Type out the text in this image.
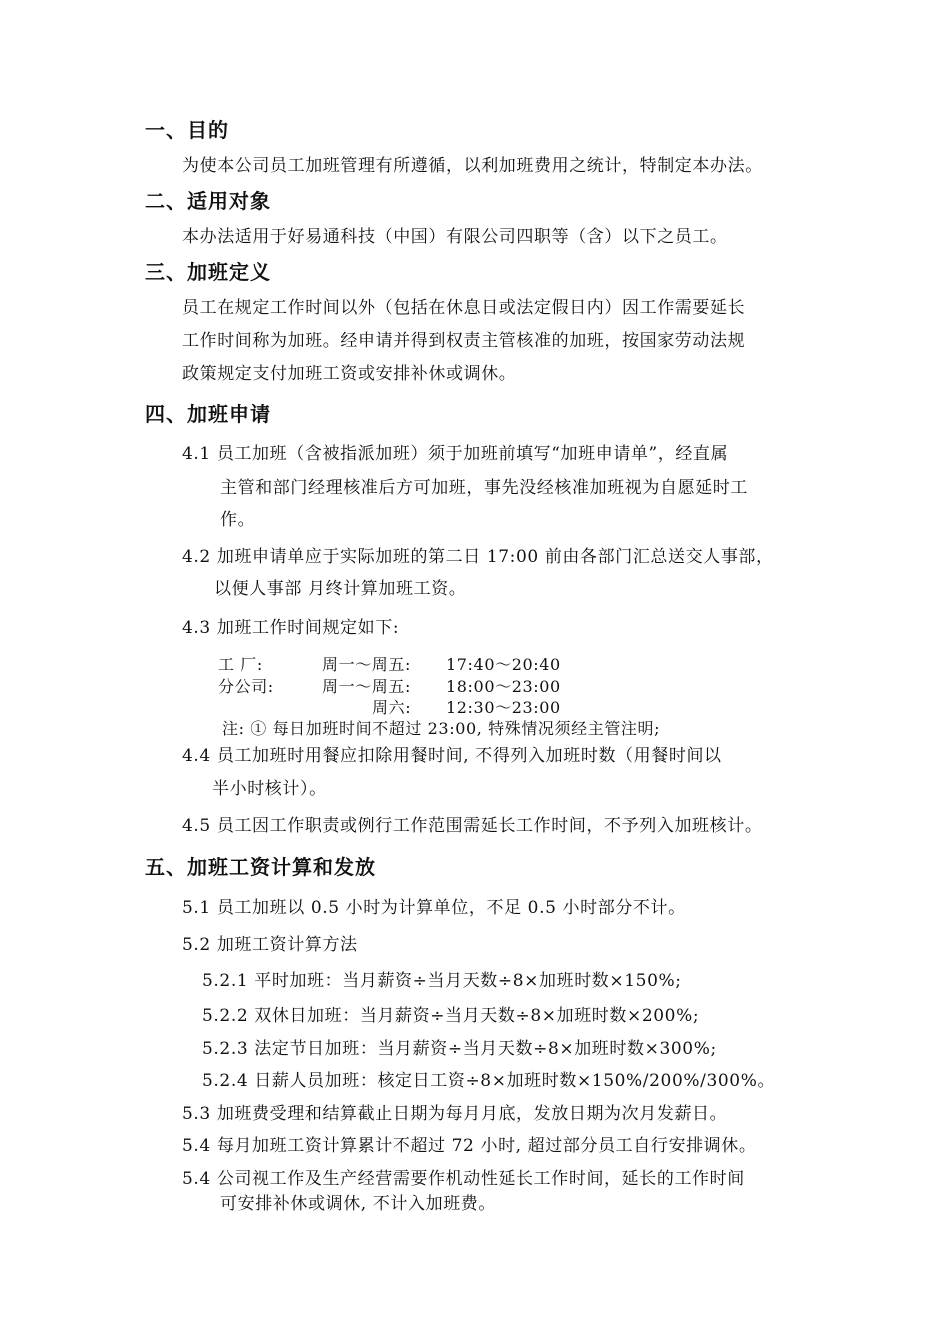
一、目的
为使本公司员工加班管理有所遵循，以利加班费用之统计，特制定本办法。
二、适用对象
本办法适用于好易通科技（中国）有限公司四职等（含）以下之员工。
三、加班定义
员工在规定工作时间以外（包括在休息日或法定假日内）因工作需要延长
工作时间称为加班。经申请并得到权责主管核准的加班，按国家劳动法规
政策规定支付加班工资或安排补休或调休。
四、加班申请
4.1 员工加班（含被指派加班）须于加班前填写“加班申请单”，经直属
主管和部门经理核准后方可加班，事先没经核准加班视为自愿延时工
作。
4.2 加班申请单应于实际加班的第二日 17:00 前由各部门汇总送交人事部，
以便人事部 月终计算加班工资。
4.3 加班工作时间规定如下:
工 厂:	周一～周五: 17:40～20:40
分公司:	周一～周五: 18:00～23:00
周六: 12:30～23:00
注: ① 每日加班时间不超过 23:00, 特殊情况须经主管注明;
4.4 员工加班时用餐应扣除用餐时间, 不得列入加班时数（用餐时间以
半小时核计）。
4.5 员工因工作职责或例行工作范围需延长工作时间，不予列入加班核计。
五、加班工资计算和发放
5.1 员工加班以 0.5 小时为计算单位，不足 0.5 小时部分不计。
5.2 加班工资计算方法
5.2.1 平时加班：当月薪资÷当月天数÷8×加班时数×150%;
5.2.2 双休日加班：当月薪资÷当月天数÷8×加班时数×200%;
5.2.3 法定节日加班：当月薪资÷当月天数÷8×加班时数×300%;
5.2.4 日薪人员加班：核定日工资÷8×加班时数×150%/200%/300%。
5.3 加班费受理和结算截止日期为每月月底，发放日期为次月发薪日。
5.4 每月加班工资计算累计不超过 72 小时, 超过部分员工自行安排调休。
5.4 公司视工作及生产经营需要作机动性延长工作时间，延长的工作时间
可安排补休或调休, 不计入加班费。
